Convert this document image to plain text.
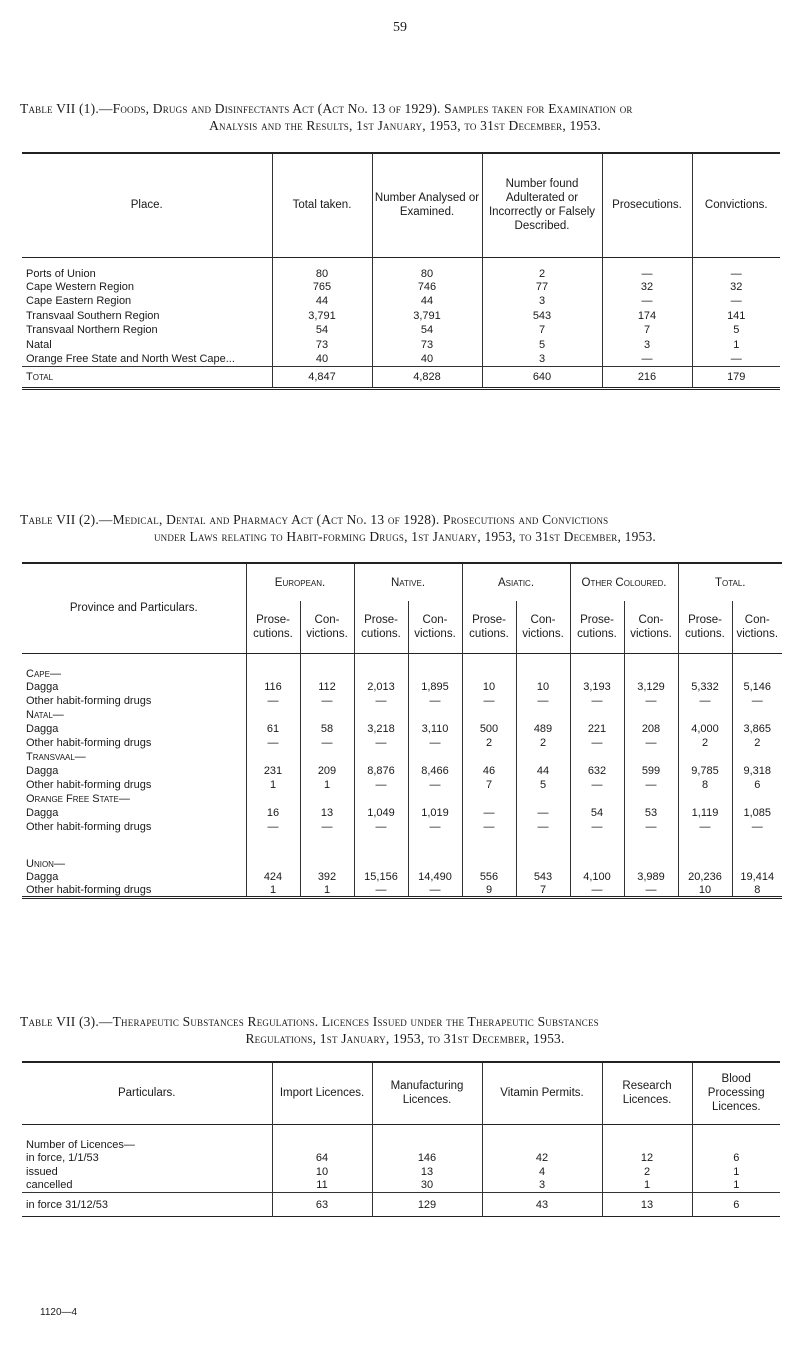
59
Table VII (1).—Foods, Drugs and Disinfectants Act (Act No. 13 of 1929). Samples taken for Examination or
Analysis and the Results, 1st January, 1953, to 31st December, 1953.
Place.	Total taken.	Number Analysed or Examined.	Number found Adulterated or Incorrectly or Falsely Described.	Prosecutions.	Convictions.
Ports of Union	80	80	2	—	—
Cape Western Region	765	746	77	32	32
Cape Eastern Region	44	44	3	—	—
Transvaal Southern Region	3,791	3,791	543	174	141
Transvaal Northern Region	54	54	7	7	5
Natal	73	73	5	3	1
Orange Free State and North West Cape...	40	40	3	—	—
Total	4,847	4,828	640	216	179
Table VII (2).—Medical, Dental and Pharmacy Act (Act No. 13 of 1928). Prosecutions and Convictions
under Laws relating to Habit-forming Drugs, 1st January, 1953, to 31st December, 1953.
Province and Particulars.	European.		Native.		Asiatic.		Other Coloured.		Total.	
	Prose-cutions.	Con-victions.	Prose-cutions.	Con-victions.	Prose-cutions.	Con-victions.	Prose-cutions.	Con-victions.	Prose-cutions.	Con-victions.
Cape—										
Dagga	116	112	2,013	1,895	10	10	3,193	3,129	5,332	5,146
Other habit-forming drugs	—	—	—	—	—	—	—	—	—	—
Natal—										
Dagga	61	58	3,218	3,110	500	489	221	208	4,000	3,865
Other habit-forming drugs	—	—	—	—	2	2	—	—	2	2
Transvaal—										
Dagga	231	209	8,876	8,466	46	44	632	599	9,785	9,318
Other habit-forming drugs	1	1	—	—	7	5	—	—	8	6
Orange Free State—										
Dagga	16	13	1,049	1,019	—	—	54	53	1,119	1,085
Other habit-forming drugs	—	—	—	—	—	—	—	—	—	—
Union—										
Dagga	424	392	15,156	14,490	556	543	4,100	3,989	20,236	19,414
Other habit-forming drugs	1	1	—	—	9	7	—	—	10	8
Table VII (3).—Therapeutic Substances Regulations. Licences Issued under the Therapeutic Substances
Regulations, 1st January, 1953, to 31st December, 1953.
Particulars.	Import Licences.	Manufacturing Licences.	Vitamin Permits.	Research Licences.	Blood Processing Licences.
Number of Licences—					
in force, 1/1/53	64	146	42	12	6
issued	10	13	4	2	1
cancelled	11	30	3	1	1
in force 31/12/53	63	129	43	13	6
1120—4
